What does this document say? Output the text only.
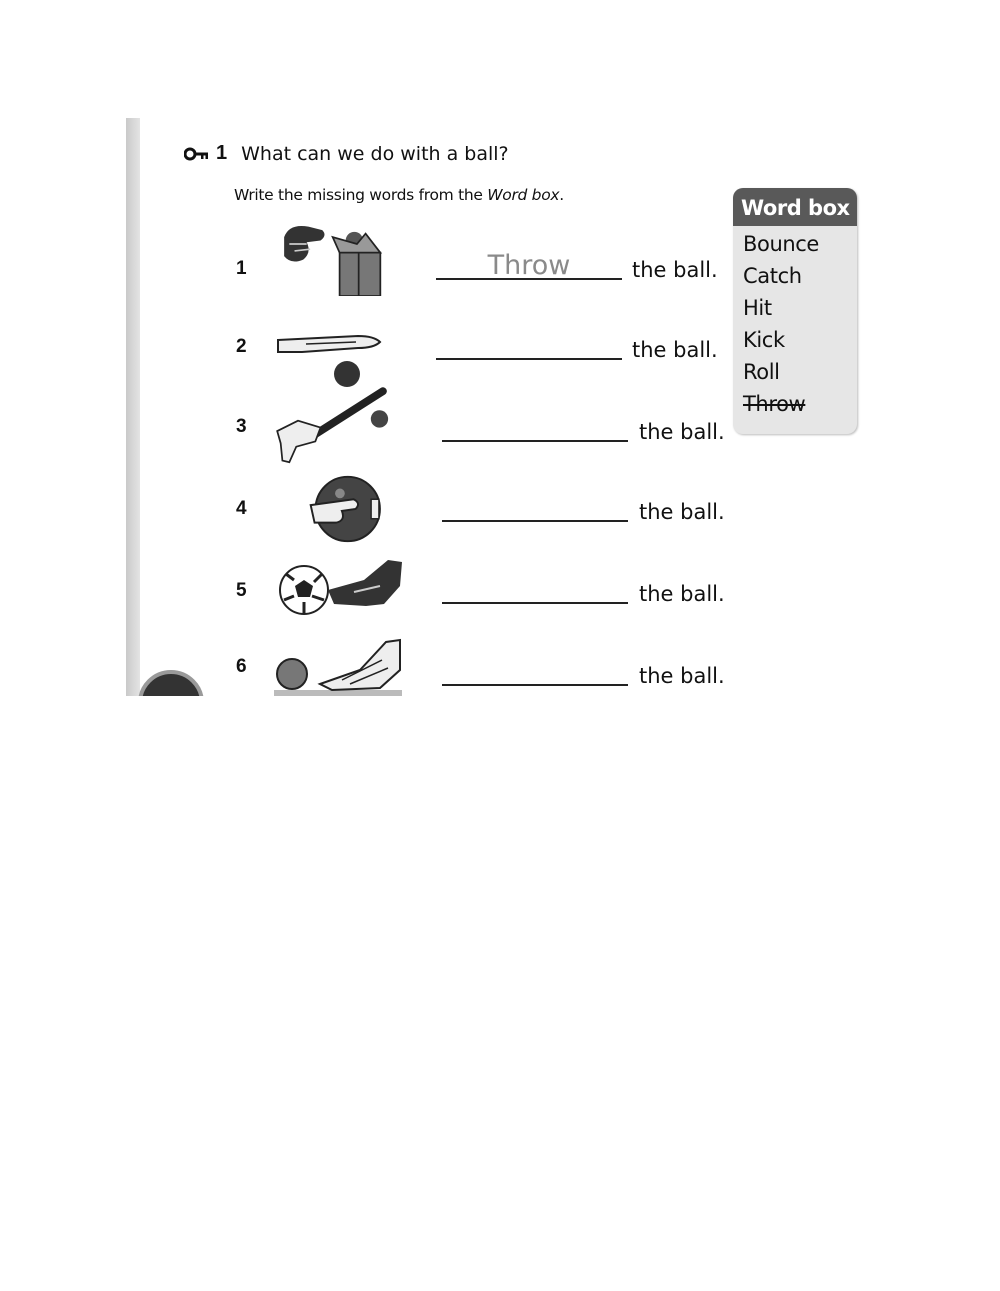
1 What can we do with a ball?
Write the missing words from the Word box.
1	Throw	the ball.
2	the ball.
3	the ball.
4	the ball.
5	the ball.
6	the ball.
Word box
Bounce
Catch
Hit
Kick
Roll
Throw
